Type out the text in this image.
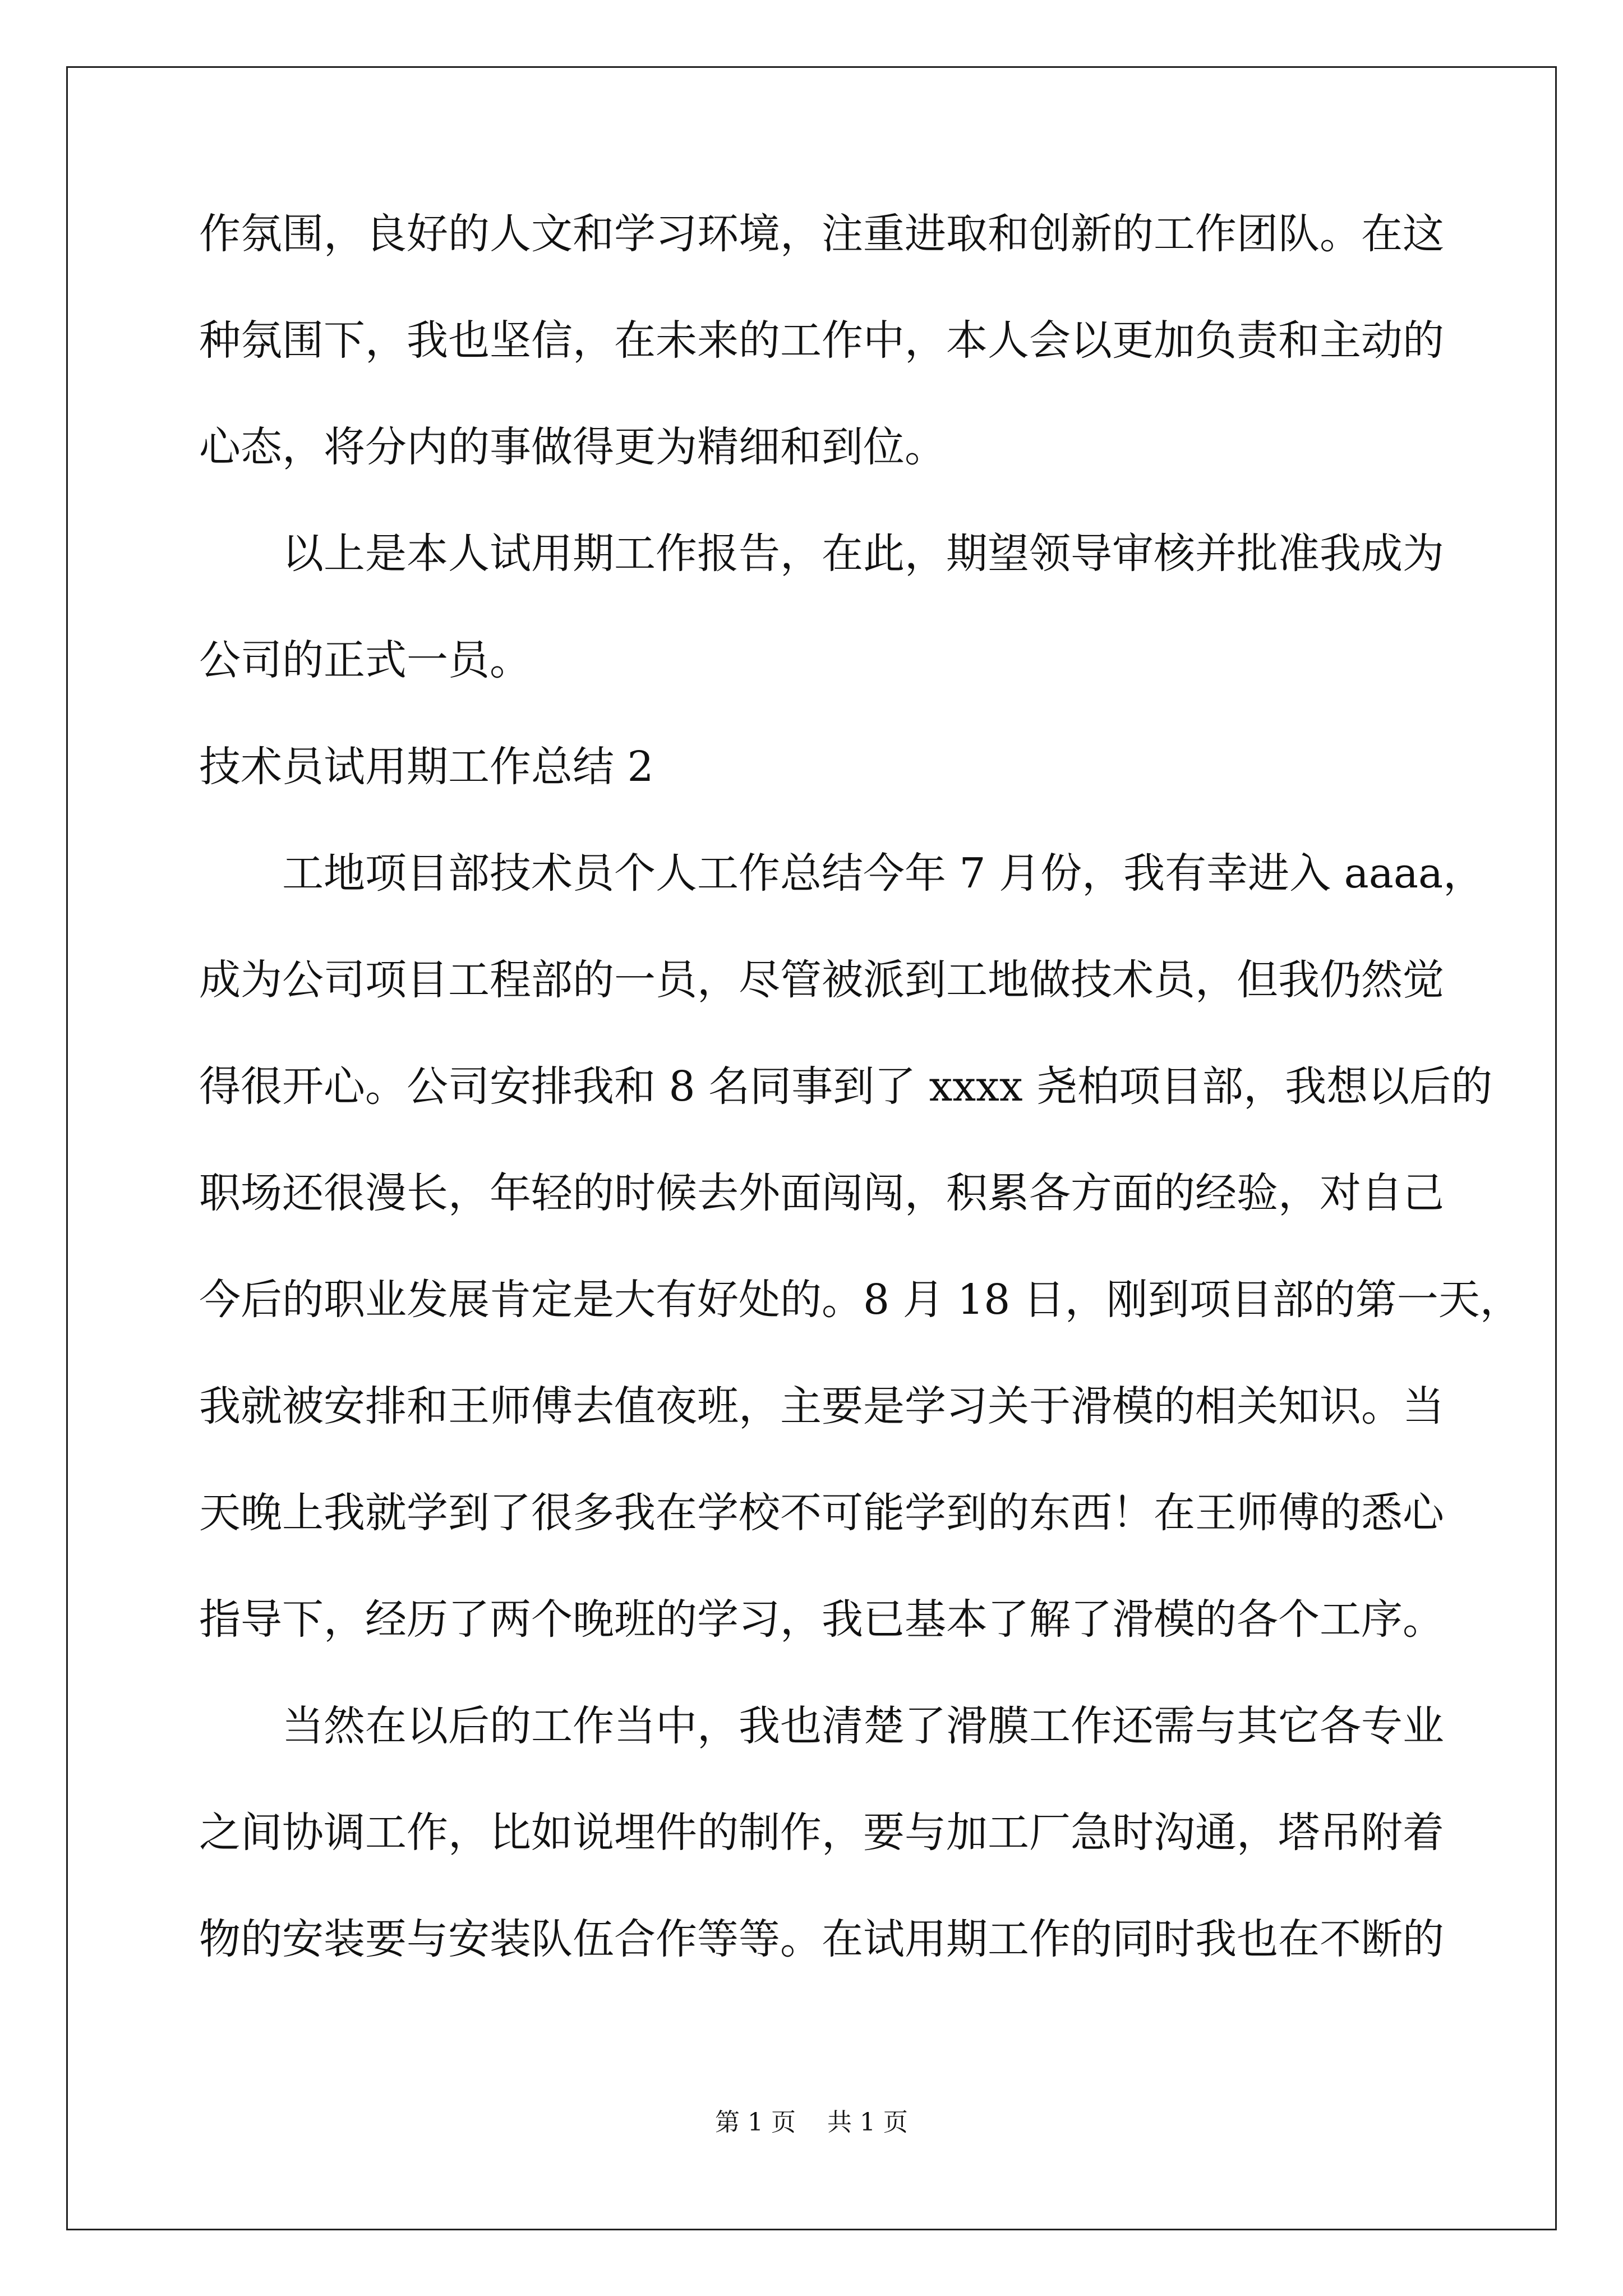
作氛围，良好的人文和学习环境，注重进取和创新的工作团队。在这
种氛围下，我也坚信，在未来的工作中，本人会以更加负责和主动的
心态，将分内的事做得更为精细和到位。
以上是本人试用期工作报告，在此，期望领导审核并批准我成为
公司的正式一员。
技术员试用期工作总结 2
工地项目部技术员个人工作总结今年 7 月份，我有幸进入 aaaa，
成为公司项目工程部的一员，尽管被派到工地做技术员，但我仍然觉
得很开心。公司安排我和 8 名同事到了 xxxx 尧柏项目部，我想以后的
职场还很漫长，年轻的时候去外面闯闯，积累各方面的经验，对自己
今后的职业发展肯定是大有好处的。8 月 18 日，刚到项目部的第一天，
我就被安排和王师傅去值夜班，主要是学习关于滑模的相关知识。当
天晚上我就学到了很多我在学校不可能学到的东西！在王师傅的悉心
指导下，经历了两个晚班的学习，我已基本了解了滑模的各个工序。
当然在以后的工作当中，我也清楚了滑膜工作还需与其它各专业
之间协调工作，比如说埋件的制作，要与加工厂急时沟通，塔吊附着
物的安装要与安装队伍合作等等。在试用期工作的同时我也在不断的
第 1 页    共 1 页
